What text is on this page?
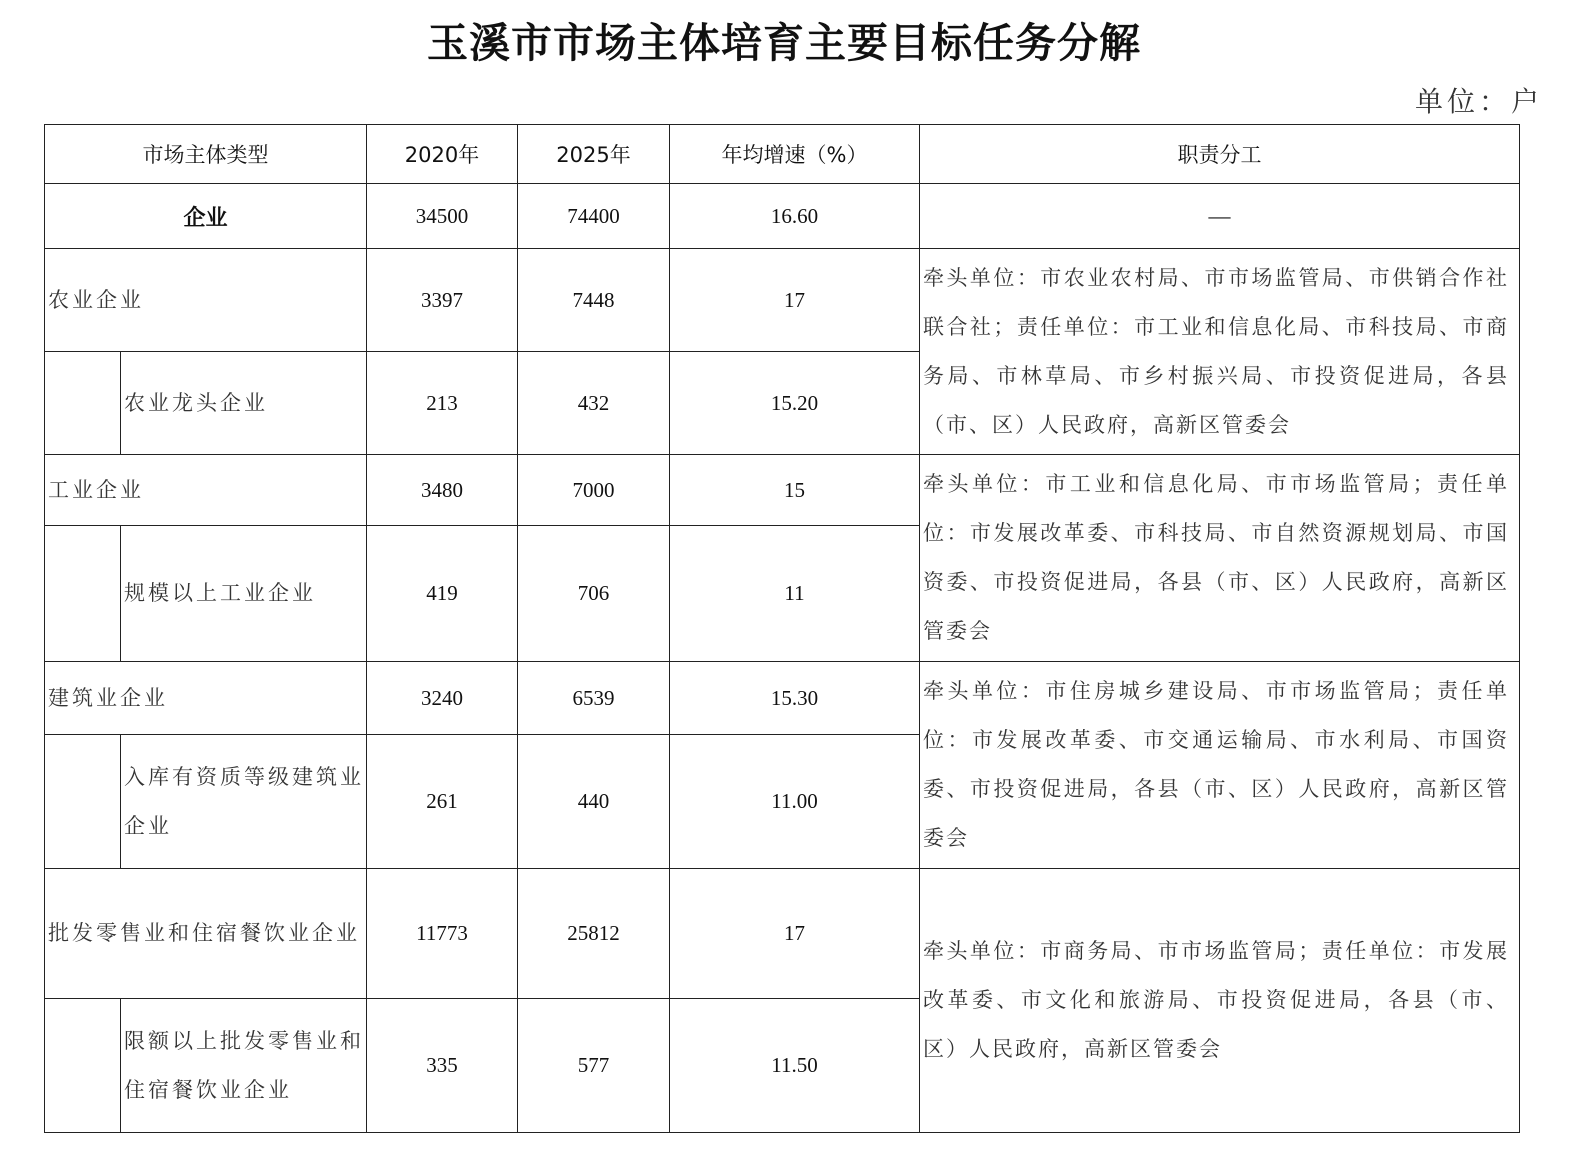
玉溪市市场主体培育主要目标任务分解
单位：户
市场主体类型		2020年	2025年	年均增速（%）	职责分工
企业		34500	74400	16.60	—
农业企业		3397	7448	17	牵头单位：市农业农村局、市市场监管局、市供销合作社联合社；责任单位：市工业和信息化局、市科技局、市商务局、市林草局、市乡村振兴局、市投资促进局，各县（市、区）人民政府，高新区管委会
	农业龙头企业	213	432	15.20	
工业企业		3480	7000	15	牵头单位：市工业和信息化局、市市场监管局；责任单位：市发展改革委、市科技局、市自然资源规划局、市国资委、市投资促进局，各县（市、区）人民政府，高新区管委会
	规模以上工业企业	419	706	11	
建筑业企业		3240	6539	15.30	牵头单位：市住房城乡建设局、市市场监管局；责任单位：市发展改革委、市交通运输局、市水利局、市国资委、市投资促进局，各县（市、区）人民政府，高新区管委会
	入库有资质等级建筑业企业	261	440	11.00	
批发零售业和住宿餐饮业企业		11773	25812	17	牵头单位：市商务局、市市场监管局；责任单位：市发展改革委、市文化和旅游局、市投资促进局，各县（市、区）人民政府，高新区管委会
	限额以上批发零售业和住宿餐饮业企业	335	577	11.50	
